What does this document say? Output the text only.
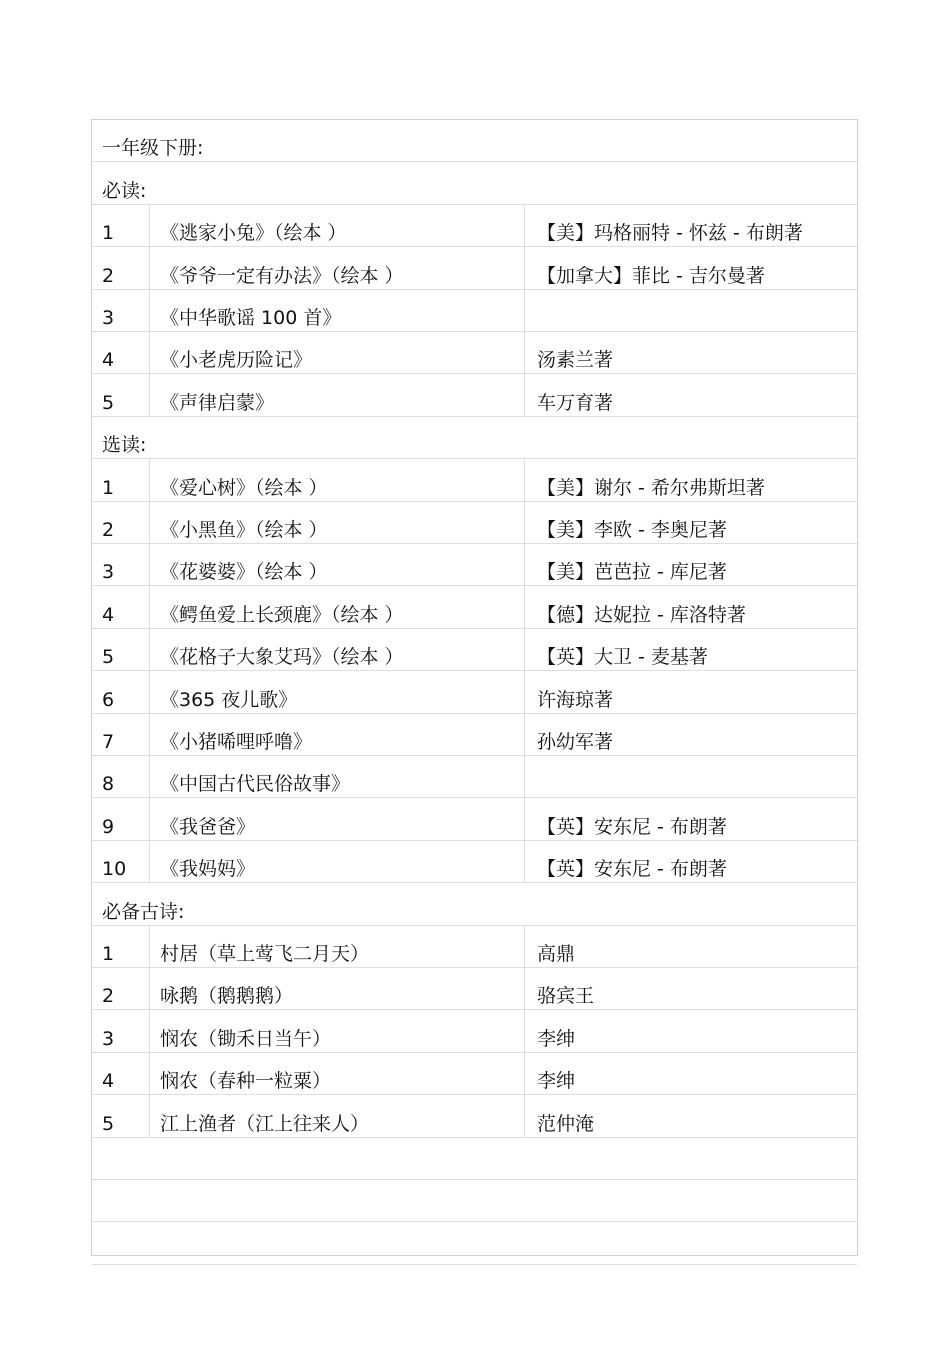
一年级下册:
必读:
1 《逃家小兔》（绘本 ）	【美】玛格丽特 - 怀兹 - 布朗著
2 《爷爷一定有办法》（绘本 ）	【加拿大】菲比 - 吉尔曼著
3 《中华歌谣 100 首》
4 《小老虎历险记》	汤素兰著
5 《声律启蒙》	车万育著
选读:
1 《爱心树》（绘本 ）	【美】谢尔 - 希尔弗斯坦著
2 《小黑鱼》（绘本 ）	【美】李欧 - 李奥尼著
3 《花婆婆》（绘本 ）	【美】芭芭拉 - 库尼著
4 《鳄鱼爱上长颈鹿》（绘本 ）	【德】达妮拉 - 库洛特著
5 《花格子大象艾玛》（绘本 ）	【英】大卫 - 麦基著
6 《365 夜儿歌》	许海琼著
7 《小猪唏哩呼噜》	孙幼军著
8 《中国古代民俗故事》
9 《我爸爸》	【英】安东尼 - 布朗著
10 《我妈妈》	【英】安东尼 - 布朗著
必备古诗:
1 村居（草上莺飞二月天）	高鼎
2 咏鹅（鹅鹅鹅）	骆宾王
3 悯农（锄禾日当午）	李绅
4 悯农（春种一粒粟）	李绅
5 江上渔者（江上往来人）	范仲淹
